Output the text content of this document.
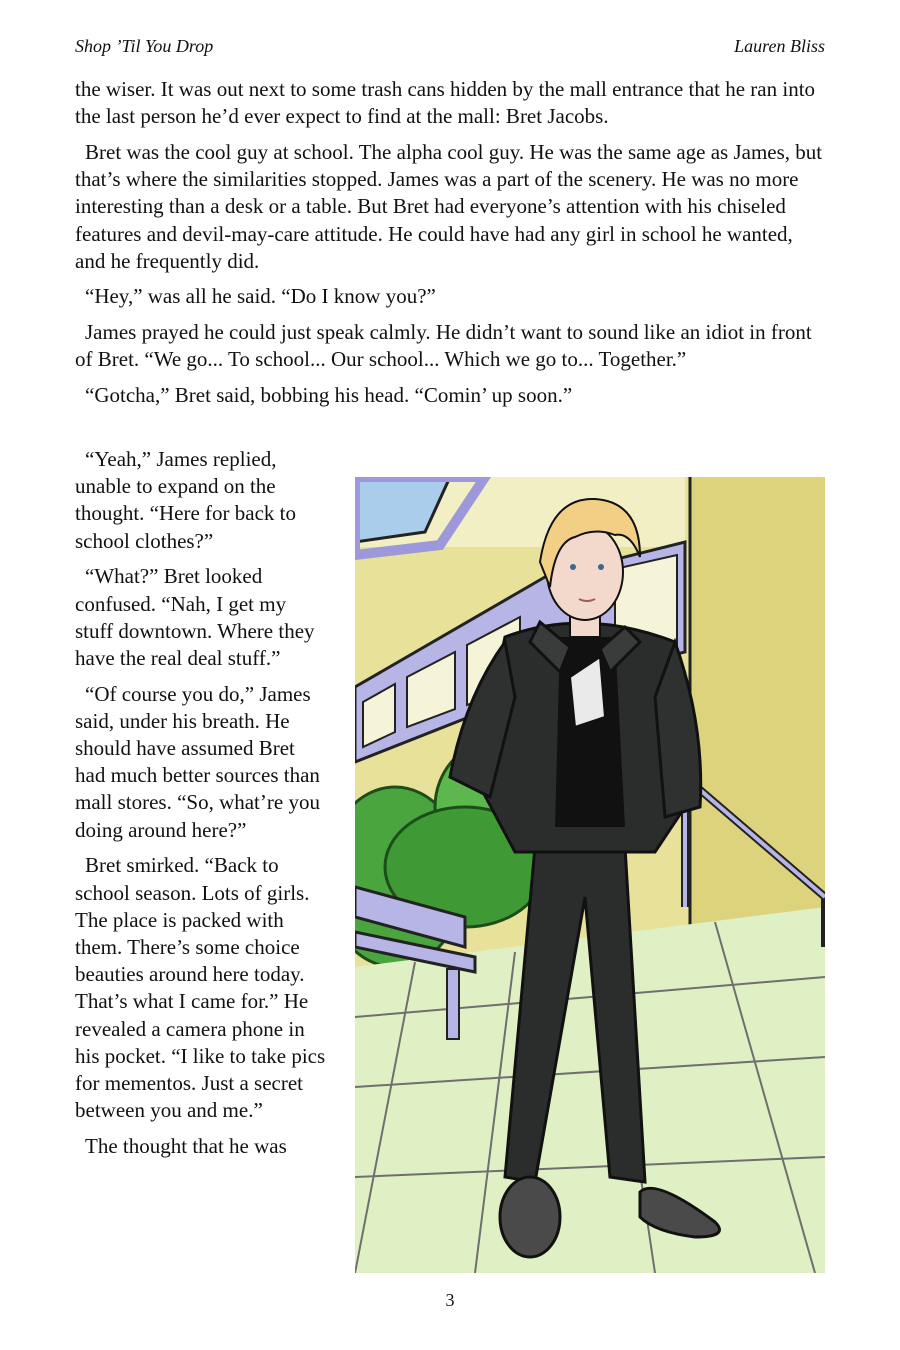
Shop ’Til You Drop	Lauren Bliss

the wiser. It was out next to some trash cans hidden by the mall entrance that he ran into the last person he’d ever expect to find at the mall: Bret Jacobs.

Bret was the cool guy at school. The alpha cool guy. He was the same age as James, but that’s where the similarities stopped. James was a part of the scenery. He was no more interesting than a desk or a table. But Bret had everyone’s attention with his chiseled features and devil-may-care attitude. He could have had any girl in school he wanted, and he frequently did.

“Hey,” was all he said. “Do I know you?”

James prayed he could just speak calmly. He didn’t want to sound like an idiot in front of Bret. “We go... To school... Our school... Which we go to... Together.”

“Gotcha,” Bret said, bobbing his head. “Comin’ up soon.”

“Yeah,” James replied, unable to expand on the thought. “Here for back to school clothes?”

“What?” Bret looked confused. “Nah, I get my stuff downtown. Where they have the real deal stuff.”

“Of course you do,” James said, under his breath. He should have assumed Bret had much better sources than mall stores. “So, what’re you doing around here?”

Bret smirked. “Back to school season. Lots of girls. The place is packed with them. There’s some choice beauties around here today. That’s what I came for.” He revealed a camera phone in his pocket. “I like to take pics for mementos. Just a secret between you and me.”

The thought that he was

3
